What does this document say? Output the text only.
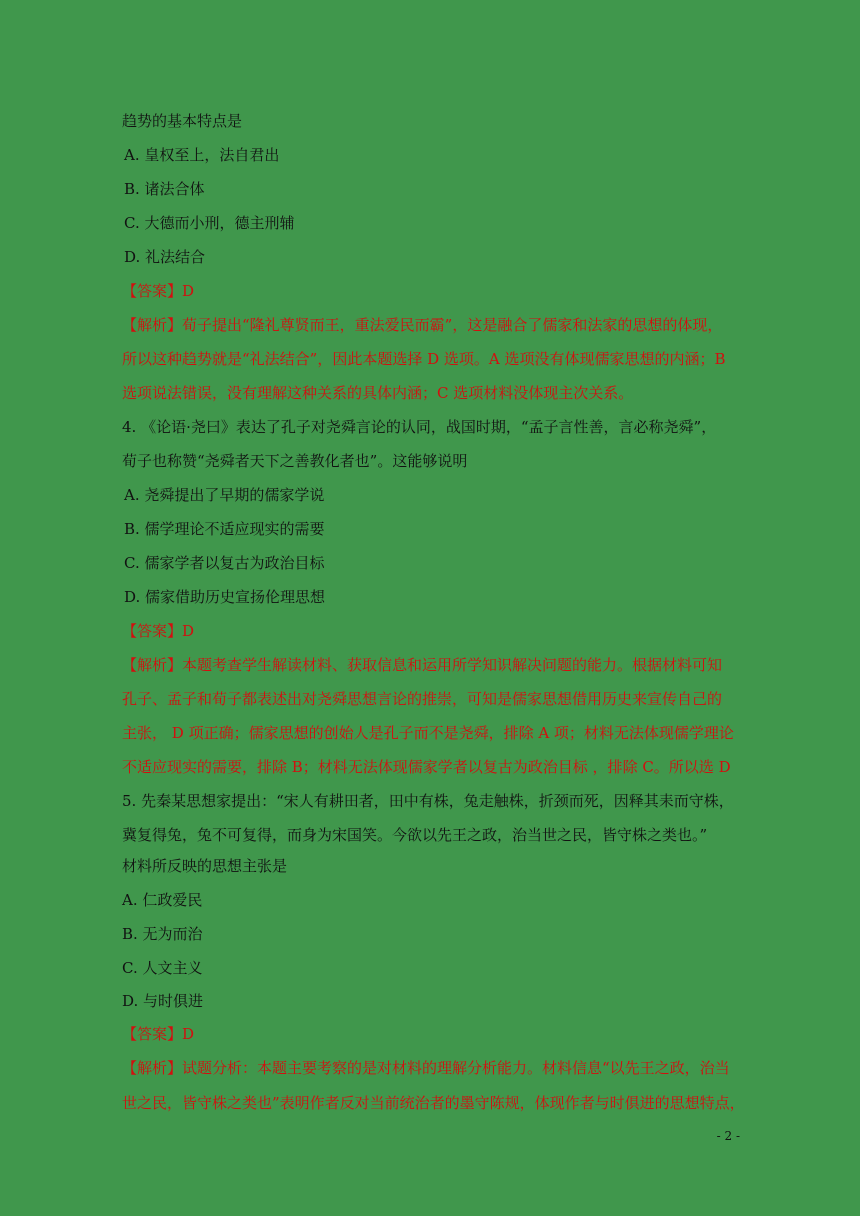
趋势的基本特点是
A. 皇权至上，法自君出
B. 诸法合体
C. 大德而小刑，德主刑辅
D. 礼法结合
【答案】D
【解析】荀子提出“隆礼尊贤而王，重法爱民而霸”，这是融合了儒家和法家的思想的体现，
所以这种趋势就是“礼法结合”，因此本题选择 D 选项。A 选项没有体现儒家思想的内涵；B
选项说法错误，没有理解这种关系的具体内涵；C 选项材料没体现主次关系。
4. 《论语·尧曰》表达了孔子对尧舜言论的认同，战国时期，“孟子言性善，言必称尧舜”，
荀子也称赞“尧舜者天下之善教化者也”。这能够说明
A. 尧舜提出了早期的儒家学说
B. 儒学理论不适应现实的需要
C. 儒家学者以复古为政治目标
D. 儒家借助历史宣扬伦理思想
【答案】D
【解析】本题考查学生解读材料、获取信息和运用所学知识解决问题的能力。根据材料可知
孔子、孟子和荀子都表述出对尧舜思想言论的推崇，可知是儒家思想借用历史来宣传自己的
主张， D 项正确；儒家思想的创始人是孔子而不是尧舜，排除 A 项；材料无法体现儒学理论
不适应现实的需要，排除 B；材料无法体现儒家学者以复古为政治目标 ，排除 C。所以选 D
5. 先秦某思想家提出：“宋人有耕田者，田中有株，兔走触株，折颈而死，因释其耒而守株，
冀复得兔，兔不可复得，而身为宋国笑。今欲以先王之政，治当世之民，皆守株之类也。”
材料所反映的思想主张是
A. 仁政爱民
B. 无为而治
C. 人文主义
D. 与时俱进
【答案】D
【解析】试题分析：本题主要考察的是对材料的理解分析能力。材料信息“以先王之政，治当
世之民，皆守株之类也”表明作者反对当前统治者的墨守陈规，体现作者与时俱进的思想特点，
- 2 -
